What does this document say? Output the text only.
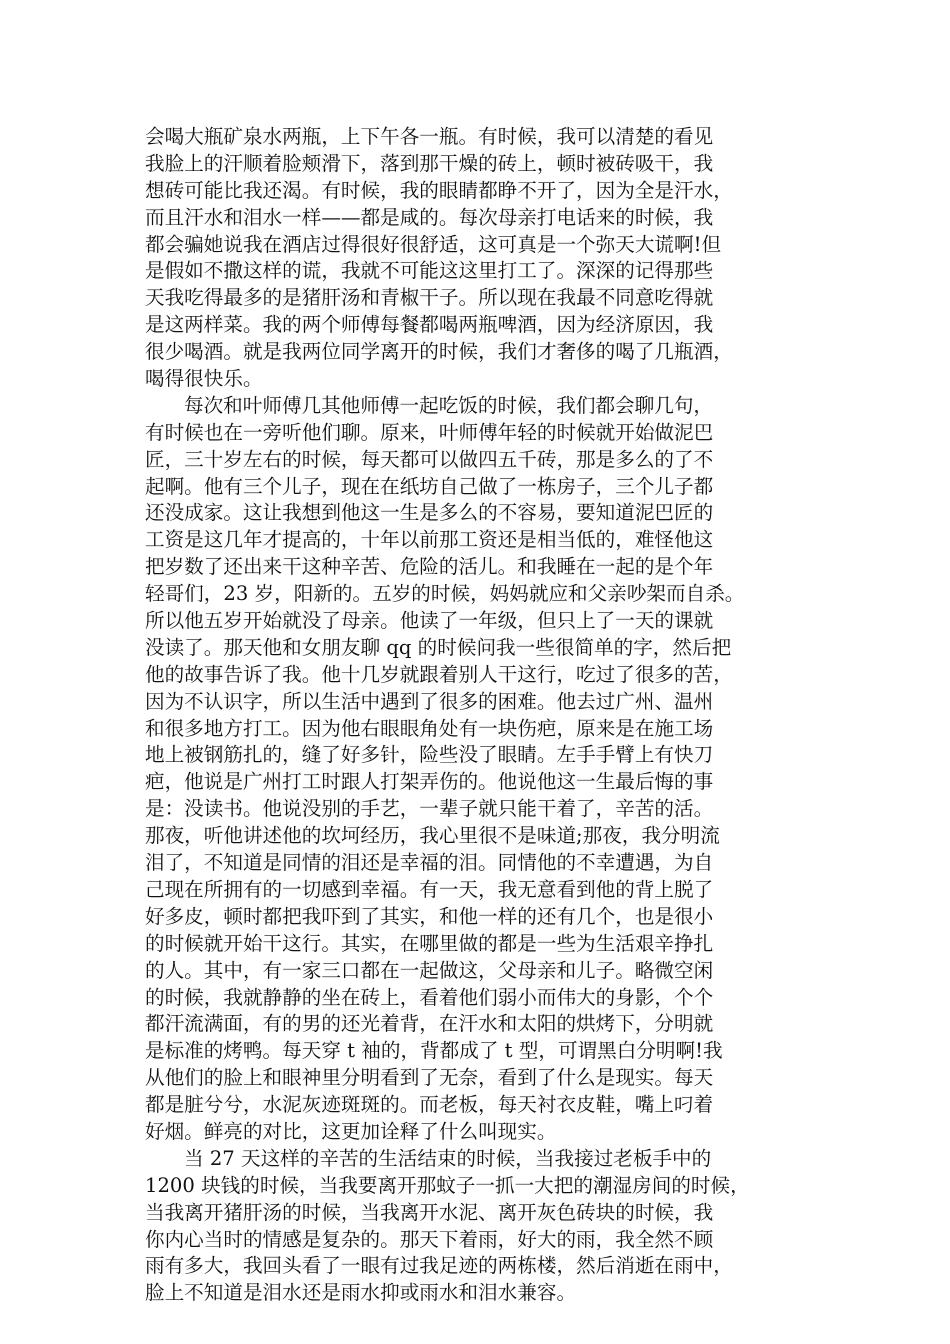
会喝大瓶矿泉水两瓶，上下午各一瓶。有时候，我可以清楚的看见
我脸上的汗顺着脸颊滑下，落到那干燥的砖上，顿时被砖吸干，我
想砖可能比我还渴。有时候，我的眼睛都睁不开了，因为全是汗水，
而且汗水和泪水一样——都是咸的。每次母亲打电话来的时候，我
都会骗她说我在酒店过得很好很舒适，这可真是一个弥天大谎啊!但
是假如不撒这样的谎，我就不可能这这里打工了。深深的记得那些
天我吃得最多的是猪肝汤和青椒干子。所以现在我最不同意吃得就
是这两样菜。我的两个师傅每餐都喝两瓶啤酒，因为经济原因，我
很少喝酒。就是我两位同学离开的时候，我们才奢侈的喝了几瓶酒，
喝得很快乐。
每次和叶师傅几其他师傅一起吃饭的时候，我们都会聊几句，
有时候也在一旁听他们聊。原来，叶师傅年轻的时候就开始做泥巴
匠，三十岁左右的时候，每天都可以做四五千砖，那是多么的了不
起啊。他有三个儿子，现在在纸坊自己做了一栋房子，三个儿子都
还没成家。这让我想到他这一生是多么的不容易，要知道泥巴匠的
工资是这几年才提高的，十年以前那工资还是相当低的，难怪他这
把岁数了还出来干这种辛苦、危险的活儿。和我睡在一起的是个年
轻哥们，23 岁，阳新的。五岁的时候，妈妈就应和父亲吵架而自杀。
所以他五岁开始就没了母亲。他读了一年级，但只上了一天的课就
没读了。那天他和女朋友聊 qq 的时候问我一些很简单的字，然后把
他的故事告诉了我。他十几岁就跟着别人干这行，吃过了很多的苦，
因为不认识字，所以生活中遇到了很多的困难。他去过广州、温州
和很多地方打工。因为他右眼眼角处有一块伤疤，原来是在施工场
地上被钢筋扎的，缝了好多针，险些没了眼睛。左手手臂上有快刀
疤，他说是广州打工时跟人打架弄伤的。他说他这一生最后悔的事
是：没读书。他说没别的手艺，一辈子就只能干着了，辛苦的活。
那夜，听他讲述他的坎坷经历，我心里很不是味道;那夜，我分明流
泪了，不知道是同情的泪还是幸福的泪。同情他的不幸遭遇，为自
己现在所拥有的一切感到幸福。有一天，我无意看到他的背上脱了
好多皮，顿时都把我吓到了其实，和他一样的还有几个，也是很小
的时候就开始干这行。其实，在哪里做的都是一些为生活艰辛挣扎
的人。其中，有一家三口都在一起做这，父母亲和儿子。略微空闲
的时候，我就静静的坐在砖上，看着他们弱小而伟大的身影，个个
都汗流满面，有的男的还光着背，在汗水和太阳的烘烤下，分明就
是标准的烤鸭。每天穿 t 袖的，背都成了 t 型，可谓黑白分明啊!我
从他们的脸上和眼神里分明看到了无奈，看到了什么是现实。每天
都是脏兮兮，水泥灰迹斑斑的。而老板，每天衬衣皮鞋，嘴上叼着
好烟。鲜亮的对比，这更加诠释了什么叫现实。
当 27 天这样的辛苦的生活结束的时候，当我接过老板手中的
1200 块钱的时候，当我要离开那蚊子一抓一大把的潮湿房间的时候，
当我离开猪肝汤的时候，当我离开水泥、离开灰色砖块的时候，我
你内心当时的情感是复杂的。那天下着雨，好大的雨，我全然不顾
雨有多大，我回头看了一眼有过我足迹的两栋楼，然后消逝在雨中，
脸上不知道是泪水还是雨水抑或雨水和泪水兼容。
